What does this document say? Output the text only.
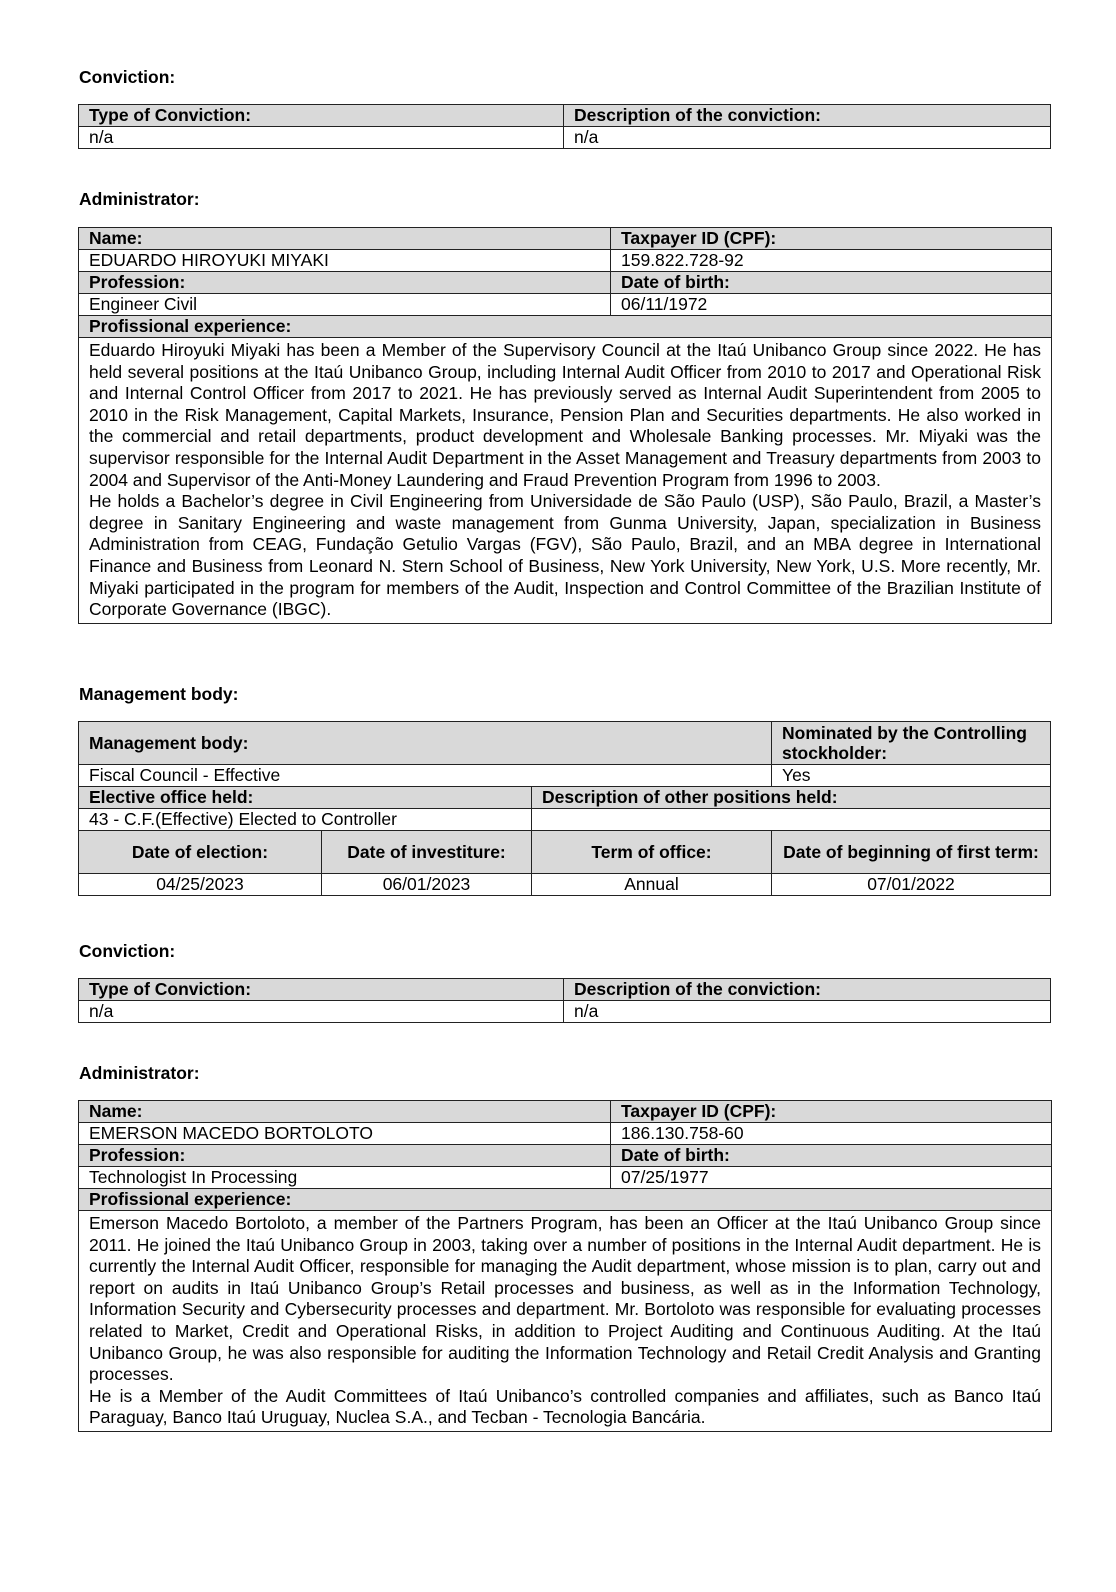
Conviction:
Type of Conviction:	Description of the conviction:
n/a	n/a
Administrator:
Name:	Taxpayer ID (CPF):
EDUARDO HIROYUKI MIYAKI	159.822.728-92
Profession:	Date of birth:
Engineer Civil	06/11/1972
Profissional experience:	

Eduardo Hiroyuki Miyaki has been a Member of the Supervisory Council at the Itaú Unibanco Group since 2022. He has held several positions at the Itaú Unibanco Group, including Internal Audit Officer from 2010 to 2017 and Operational Risk and Internal Control Officer from 2017 to 2021. He has previously served as Internal Audit Superintendent from 2005 to 2010 in the Risk Management, Capital Markets, Insurance, Pension Plan and Securities departments. He also worked in the commercial and retail departments, product development and Wholesale Banking processes. Mr. Miyaki was the supervisor responsible for the Internal Audit Department in the Asset Management and Treasury departments from 2003 to 2004 and Supervisor of the Anti-Money Laundering and Fraud Prevention Program from 1996 to 2003.

He holds a Bachelor’s degree in Civil Engineering from Universidade de São Paulo (USP), São Paulo, Brazil, a Master’s degree in Sanitary Engineering and waste management from Gunma University, Japan, specialization in Business Administration from CEAG, Fundação Getulio Vargas (FGV), São Paulo, Brazil, and an MBA degree in International Finance and Business from Leonard N. Stern School of Business, New York University, New York, U.S. More recently, Mr. Miyaki participated in the program for members of the Audit, Inspection and Control Committee of the Brazilian Institute of Corporate Governance (IBGC).	

Management body:
Management body:			Nominated by the Controlling stockholder:
Fiscal Council - Effective			Yes
Elective office held:		Description of other positions held:	
43 - C.F.(Effective) Elected to Controller			
Date of election:	Date of investiture:	Term of office:	Date of beginning of first term:
04/25/2023	06/01/2023	Annual	07/01/2022
Conviction:
Type of Conviction:	Description of the conviction:
n/a	n/a
Administrator:
Name:	Taxpayer ID (CPF):
EMERSON MACEDO BORTOLOTO	186.130.758-60
Profession:	Date of birth:
Technologist In Processing	07/25/1977
Profissional experience:	

Emerson Macedo Bortoloto, a member of the Partners Program, has been an Officer at the Itaú Unibanco Group since 2011. He joined the Itaú Unibanco Group in 2003, taking over a number of positions in the Internal Audit department. He is currently the Internal Audit Officer, responsible for managing the Audit department, whose mission is to plan, carry out and report on audits in Itaú Unibanco Group’s Retail processes and business, as well as in the Information Technology, Information Security and Cybersecurity processes and department. Mr. Bortoloto was responsible for evaluating processes related to Market, Credit and Operational Risks, in addition to Project Auditing and Continuous Auditing. At the Itaú Unibanco Group, he was also responsible for auditing the Information Technology and Retail Credit Analysis and Granting processes.

He is a Member of the Audit Committees of Itaú Unibanco’s controlled companies and affiliates, such as Banco Itaú Paraguay, Banco Itaú Uruguay, Nuclea S.A., and Tecban - Tecnologia Bancária.	
